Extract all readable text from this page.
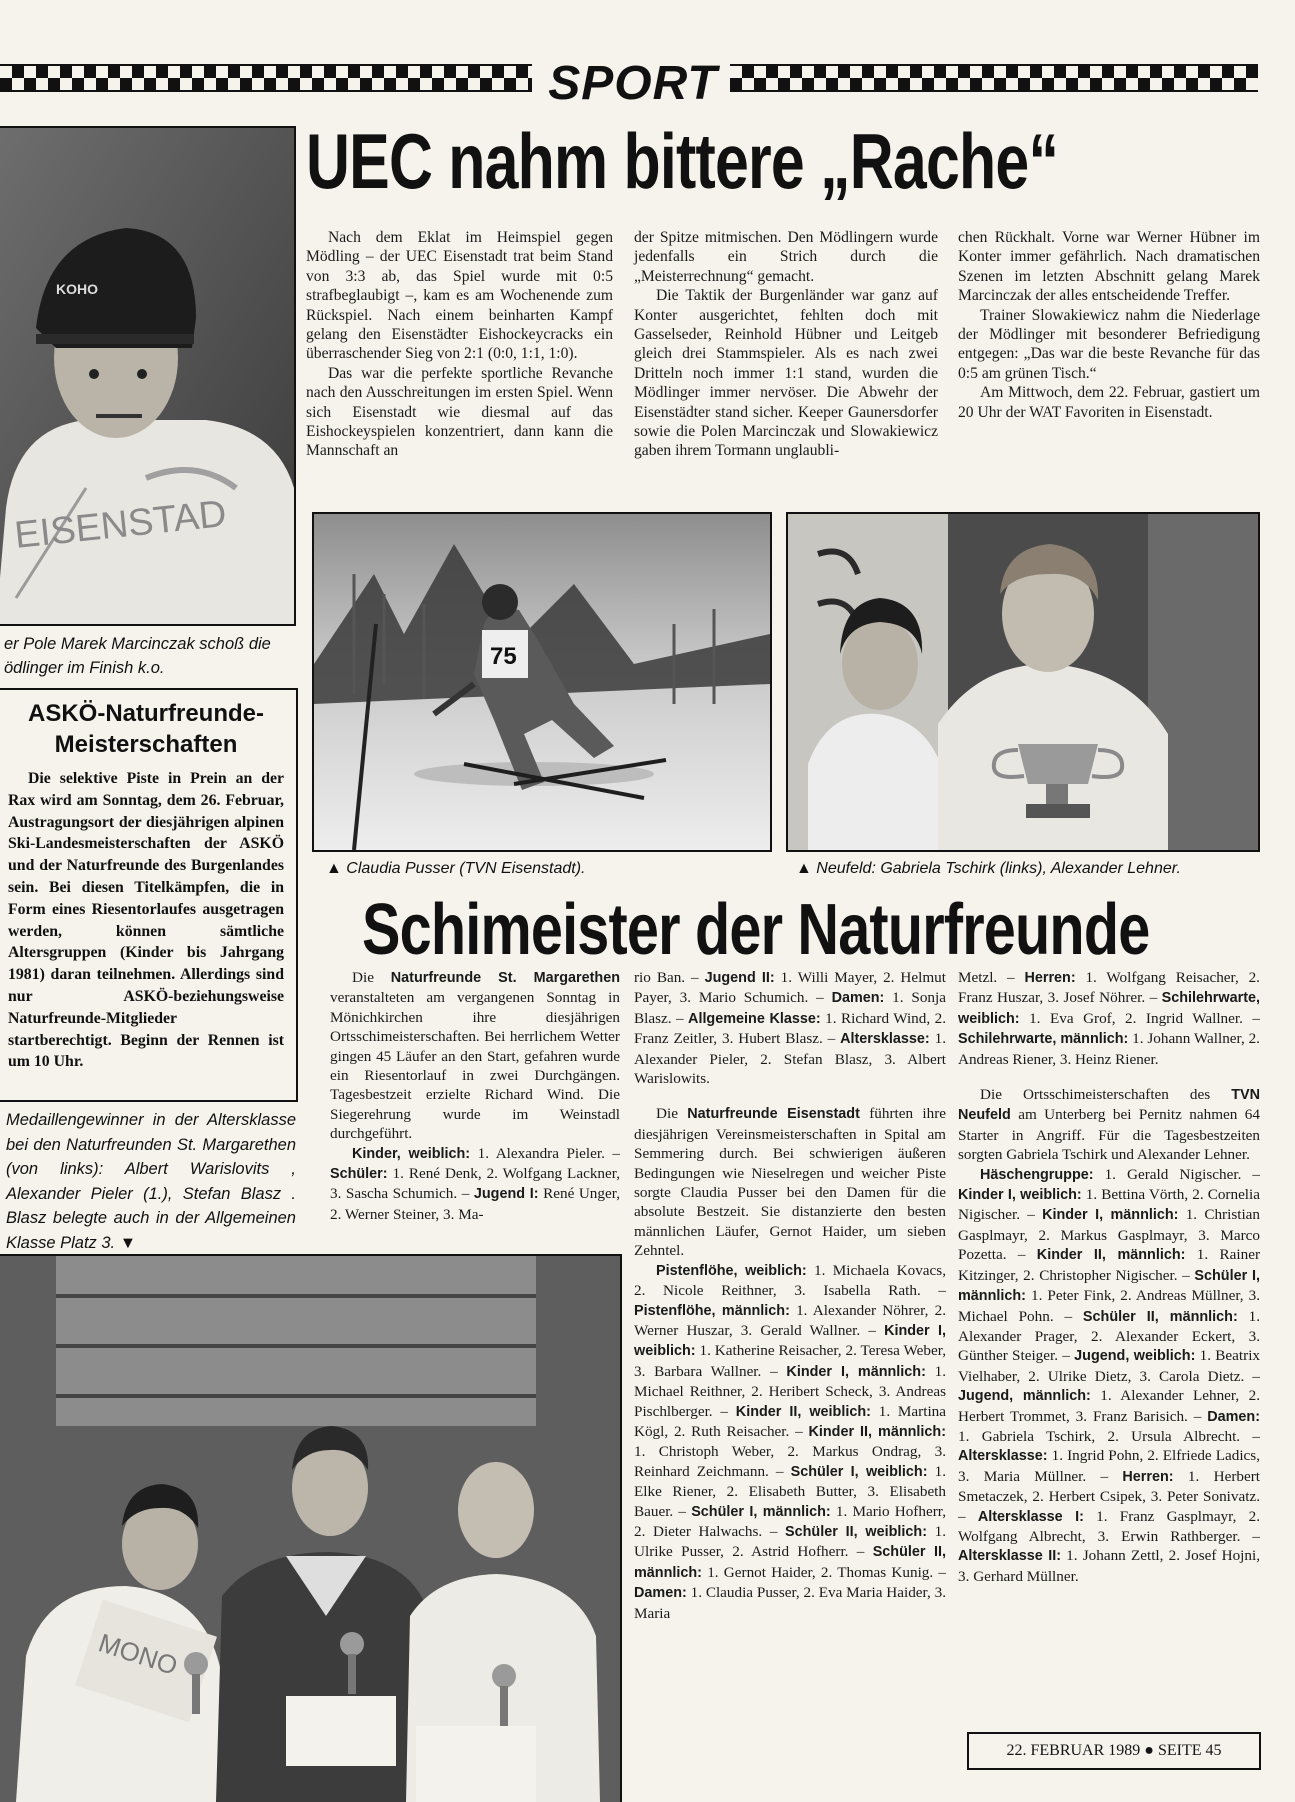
SPORT
KOHO
EISENSTAD
er Pole Marek Marcinczak schoß die
ödlinger im Finish k.o.
UEC nahm bittere „Rache“

Nach dem Eklat im Heimspiel gegen Mödling – der UEC Eisenstadt trat beim Stand von 3:3 ab, das Spiel wurde mit 0:5 strafbeglaubigt –, kam es am Wochenende zum Rückspiel. Nach einem beinharten Kampf gelang den Eisenstädter Eishockeycracks ein überraschender Sieg von 2:1 (0:0, 1:1, 1:0).

Das war die perfekte sportliche Revanche nach den Ausschreitungen im ersten Spiel. Wenn sich Eisenstadt wie diesmal auf das Eishockeyspielen konzentriert, dann kann die Mannschaft an

der Spitze mitmischen. Den Mödlingern wurde jedenfalls ein Strich durch die „Meisterrechnung“ gemacht.

Die Taktik der Burgenländer war ganz auf Konter ausgerichtet, fehlten doch mit Gasselseder, Reinhold Hübner und Leitgeb gleich drei Stammspieler. Als es nach zwei Dritteln noch immer 1:1 stand, wurden die Mödlinger immer nervöser. Die Abwehr der Eisenstädter stand sicher. Keeper Gaunersdorfer sowie die Polen Marcinczak und Slowakiewicz gaben ihrem Tormann unglaubli-

chen Rückhalt. Vorne war Werner Hübner im Konter immer gefährlich. Nach dramatischen Szenen im letzten Abschnitt gelang Marek Marcinczak der alles entscheidende Treffer.

Trainer Slowakiewicz nahm die Niederlage der Mödlinger mit besonderer Befriedigung entgegen: „Das war die beste Revanche für das 0:5 am grünen Tisch.“

Am Mittwoch, dem 22. Februar, gastiert um 20 Uhr der WAT Favoriten in Eisenstadt.

75
▲ Claudia Pusser (TVN Eisenstadt).	▲ Neufeld: Gabriela Tschirk (links), Alexander Lehner.
ASKÖ-Naturfreunde-
Meisterschaften
Die selektive Piste in Prein an der Rax wird am Sonntag, dem 26. Februar, Austragungsort der diesjährigen alpinen Ski-Landesmeisterschaften der ASKÖ und der Naturfreunde des Burgenlandes sein. Bei diesen Titelkämpfen, die in Form eines Riesentorlaufes ausgetragen werden, können sämtliche Altersgruppen (Kinder bis Jahrgang 1981) daran teilnehmen. Allerdings sind nur ASKÖ-beziehungsweise Naturfreunde-Mitglieder startberechtigt. Beginn der Rennen ist um 10 Uhr.
Medaillengewinner in der Altersklasse bei den Naturfreunden St. Margarethen (von links): Albert Warislovits , Alexander Pieler (1.), Stefan Blasz . Blasz belegte auch in der Allgemeinen Klasse Platz 3. ▼
Schimeister der Naturfreunde

Die Naturfreunde St. Margarethen veranstalteten am vergangenen Sonntag in Mönichkirchen ihre diesjährigen Ortsschimeisterschaften. Bei herrlichem Wetter gingen 45 Läufer an den Start, gefahren wurde ein Riesentorlauf in zwei Durchgängen. Tagesbestzeit erzielte Richard Wind. Die Siegerehrung wurde im Weinstadl durchgeführt.

Kinder, weiblich: 1. Alexandra Pieler. – Schüler: 1. René Denk, 2. Wolfgang Lackner, 3. Sascha Schumich. – Jugend I: René Unger, 2. Werner Steiner, 3. Ma-

rio Ban. – Jugend II: 1. Willi Mayer, 2. Helmut Payer, 3. Mario Schumich. – Damen: 1. Sonja Blasz. – Allgemeine Klasse: 1. Richard Wind, 2. Franz Zeitler, 3. Hubert Blasz. – Altersklasse: 1. Alexander Pieler, 2. Stefan Blasz, 3. Albert Warislowits.

Die Naturfreunde Eisenstadt führten ihre diesjährigen Vereinsmeisterschaften in Spital am Semmering durch. Bei schwierigen äußeren Bedingungen wie Nieselregen und weicher Piste sorgte Claudia Pusser bei den Damen für die absolute Bestzeit. Sie distanzierte den besten männlichen Läufer, Gernot Haider, um sieben Zehntel.

Pistenflöhe, weiblich: 1. Michaela Kovacs, 2. Nicole Reithner, 3. Isabella Rath. – Pistenflöhe, männlich: 1. Alexander Nöhrer, 2. Werner Huszar, 3. Gerald Wallner. – Kinder I, weiblich: 1. Katherine Reisacher, 2. Teresa Weber, 3. Barbara Wallner. – Kinder I, männlich: 1. Michael Reithner, 2. Heribert Scheck, 3. Andreas Pischlberger. – Kinder II, weiblich: 1. Martina Kögl, 2. Ruth Reisacher. – Kinder II, männlich: 1. Christoph Weber, 2. Markus Ondrag, 3. Reinhard Zeichmann. – Schüler I, weiblich: 1. Elke Riener, 2. Elisabeth Butter, 3. Elisabeth Bauer. – Schüler I, männlich: 1. Mario Hofherr, 2. Dieter Halwachs. – Schüler II, weiblich: 1. Ulrike Pusser, 2. Astrid Hofherr. – Schüler II, männlich: 1. Gernot Haider, 2. Thomas Kunig. – Damen: 1. Claudia Pusser, 2. Eva Maria Haider, 3. Maria

Metzl. – Herren: 1. Wolfgang Reisacher, 2. Franz Huszar, 3. Josef Nöhrer. – Schilehrwarte, weiblich: 1. Eva Grof, 2. Ingrid Wallner. – Schilehrwarte, männlich: 1. Johann Wallner, 2. Andreas Riener, 3. Heinz Riener.

Die Ortsschimeisterschaften des TVN Neufeld am Unterberg bei Pernitz nahmen 64 Starter in Angriff. Für die Tagesbestzeiten sorgten Gabriela Tschirk und Alexander Lehner.

Häschengruppe: 1. Gerald Nigischer. – Kinder I, weiblich: 1. Bettina Vörth, 2. Cornelia Nigischer. – Kinder I, männlich: 1. Christian Gasplmayr, 2. Markus Gasplmayr, 3. Marco Pozetta. – Kinder II, männlich: 1. Rainer Kitzinger, 2. Christopher Nigischer. – Schüler I, männlich: 1. Peter Fink, 2. Andreas Müllner, 3. Michael Pohn. – Schüler II, männlich: 1. Alexander Prager, 2. Alexander Eckert, 3. Günther Steiger. – Jugend, weiblich: 1. Beatrix Vielhaber, 2. Ulrike Dietz, 3. Carola Dietz. – Jugend, männlich: 1. Alexander Lehner, 2. Herbert Trommet, 3. Franz Barisich. – Damen: 1. Gabriela Tschirk, 2. Ursula Albrecht. – Altersklasse: 1. Ingrid Pohn, 2. Elfriede Ladics, 3. Maria Müllner. – Herren: 1. Herbert Smetaczek, 2. Herbert Csipek, 3. Peter Sonivatz. – Altersklasse I: 1. Franz Gasplmayr, 2. Wolfgang Albrecht, 3. Erwin Rathberger. – Altersklasse II: 1. Johann Zettl, 2. Josef Hojni, 3. Gerhard Müllner.

MONO
22. FEBRUAR 1989 ● SEITE 45
